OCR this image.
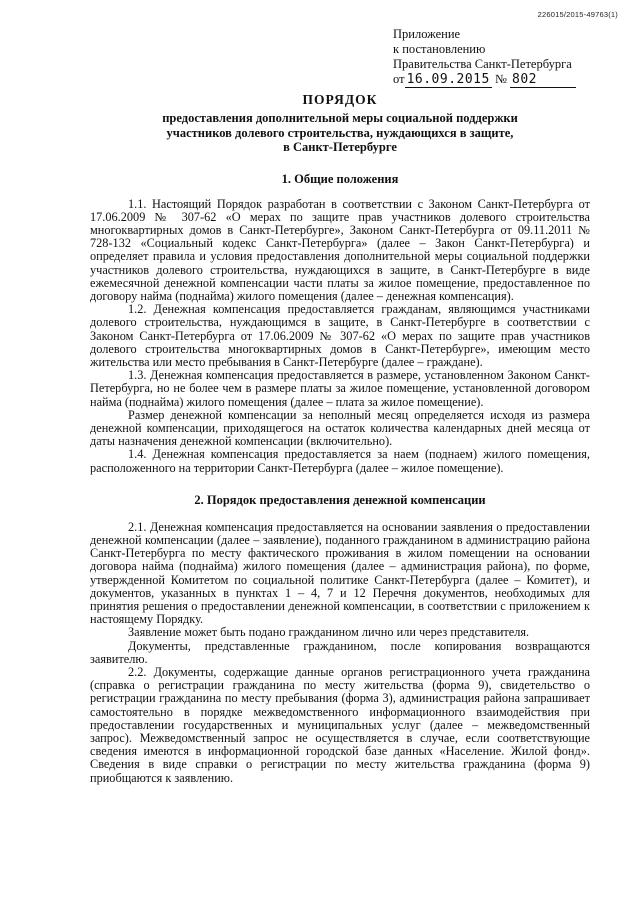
226015/2015-49763(1)
Приложение
к постановлению
Правительства Санкт-Петербурга
от 16.09.2015 № 802
ПОРЯДОК

предоставления дополнительной меры социальной поддержки

участников долевого строительства, нуждающихся в защите,

в Санкт-Петербурге

1. Общие положения

1.1. Настоящий Порядок разработан в соответствии с Законом Санкт-Петербурга от 17.06.2009 № 307-62 «О мерах по защите прав участников долевого строительства многоквартирных домов в Санкт-Петербурге», Законом Санкт-Петербурга от 09.11.2011 № 728-132 «Социальный кодекс Санкт-Петербурга» (далее – Закон Санкт-Петербурга) и определяет правила и условия предоставления дополнительной меры социальной поддержки участников долевого строительства, нуждающихся в защите, в Санкт-Петербурге в виде ежемесячной денежной компенсации части платы за жилое помещение, предоставленное по договору найма (поднайма) жилого помещения (далее – денежная компенсация).

1.2. Денежная компенсация предоставляется гражданам, являющимся участниками долевого строительства, нуждающимся в защите, в Санкт-Петербурге в соответствии с Законом Санкт-Петербурга от 17.06.2009 № 307-62 «О мерах по защите прав участников долевого строительства многоквартирных домов в Санкт-Петербурге», имеющим место жительства или место пребывания в Санкт-Петербурге (далее – граждане).

1.3. Денежная компенсация предоставляется в размере, установленном Законом Санкт-Петербурга, но не более чем в размере платы за жилое помещение, установленной договором найма (поднайма) жилого помещения (далее – плата за жилое помещение).

Размер денежной компенсации за неполный месяц определяется исходя из размера денежной компенсации, приходящегося на остаток количества календарных дней месяца от даты назначения денежной компенсации (включительно).

1.4. Денежная компенсация предоставляется за наем (поднаем) жилого помещения, расположенного на территории Санкт-Петербурга (далее – жилое помещение).

2. Порядок предоставления денежной компенсации

2.1. Денежная компенсация предоставляется на основании заявления о предоставлении денежной компенсации (далее – заявление), поданного гражданином в администрацию района Санкт-Петербурга по месту фактического проживания в жилом помещении на основании договора найма (поднайма) жилого помещения (далее – администрация района), по форме, утвержденной Комитетом по социальной политике Санкт-Петербурга (далее – Комитет), и документов, указанных в пунктах 1 – 4, 7 и 12 Перечня документов, необходимых для принятия решения о предоставлении денежной компенсации, в соответствии с приложением к настоящему Порядку.

Заявление может быть подано гражданином лично или через представителя.

Документы, представленные гражданином, после копирования возвращаются заявителю.

2.2. Документы, содержащие данные органов регистрационного учета гражданина (справка о регистрации гражданина по месту жительства (форма 9), свидетельство о регистрации гражданина по месту пребывания (форма 3), администрация района запрашивает самостоятельно в порядке межведомственного информационного взаимодействия при предоставлении государственных и муниципальных услуг (далее – межведомственный запрос). Межведомственный запрос не осуществляется в случае, если соответствующие сведения имеются в информационной городской базе данных «Население. Жилой фонд». Сведения в виде справки о регистрации по месту жительства гражданина (форма 9) приобщаются к заявлению.
